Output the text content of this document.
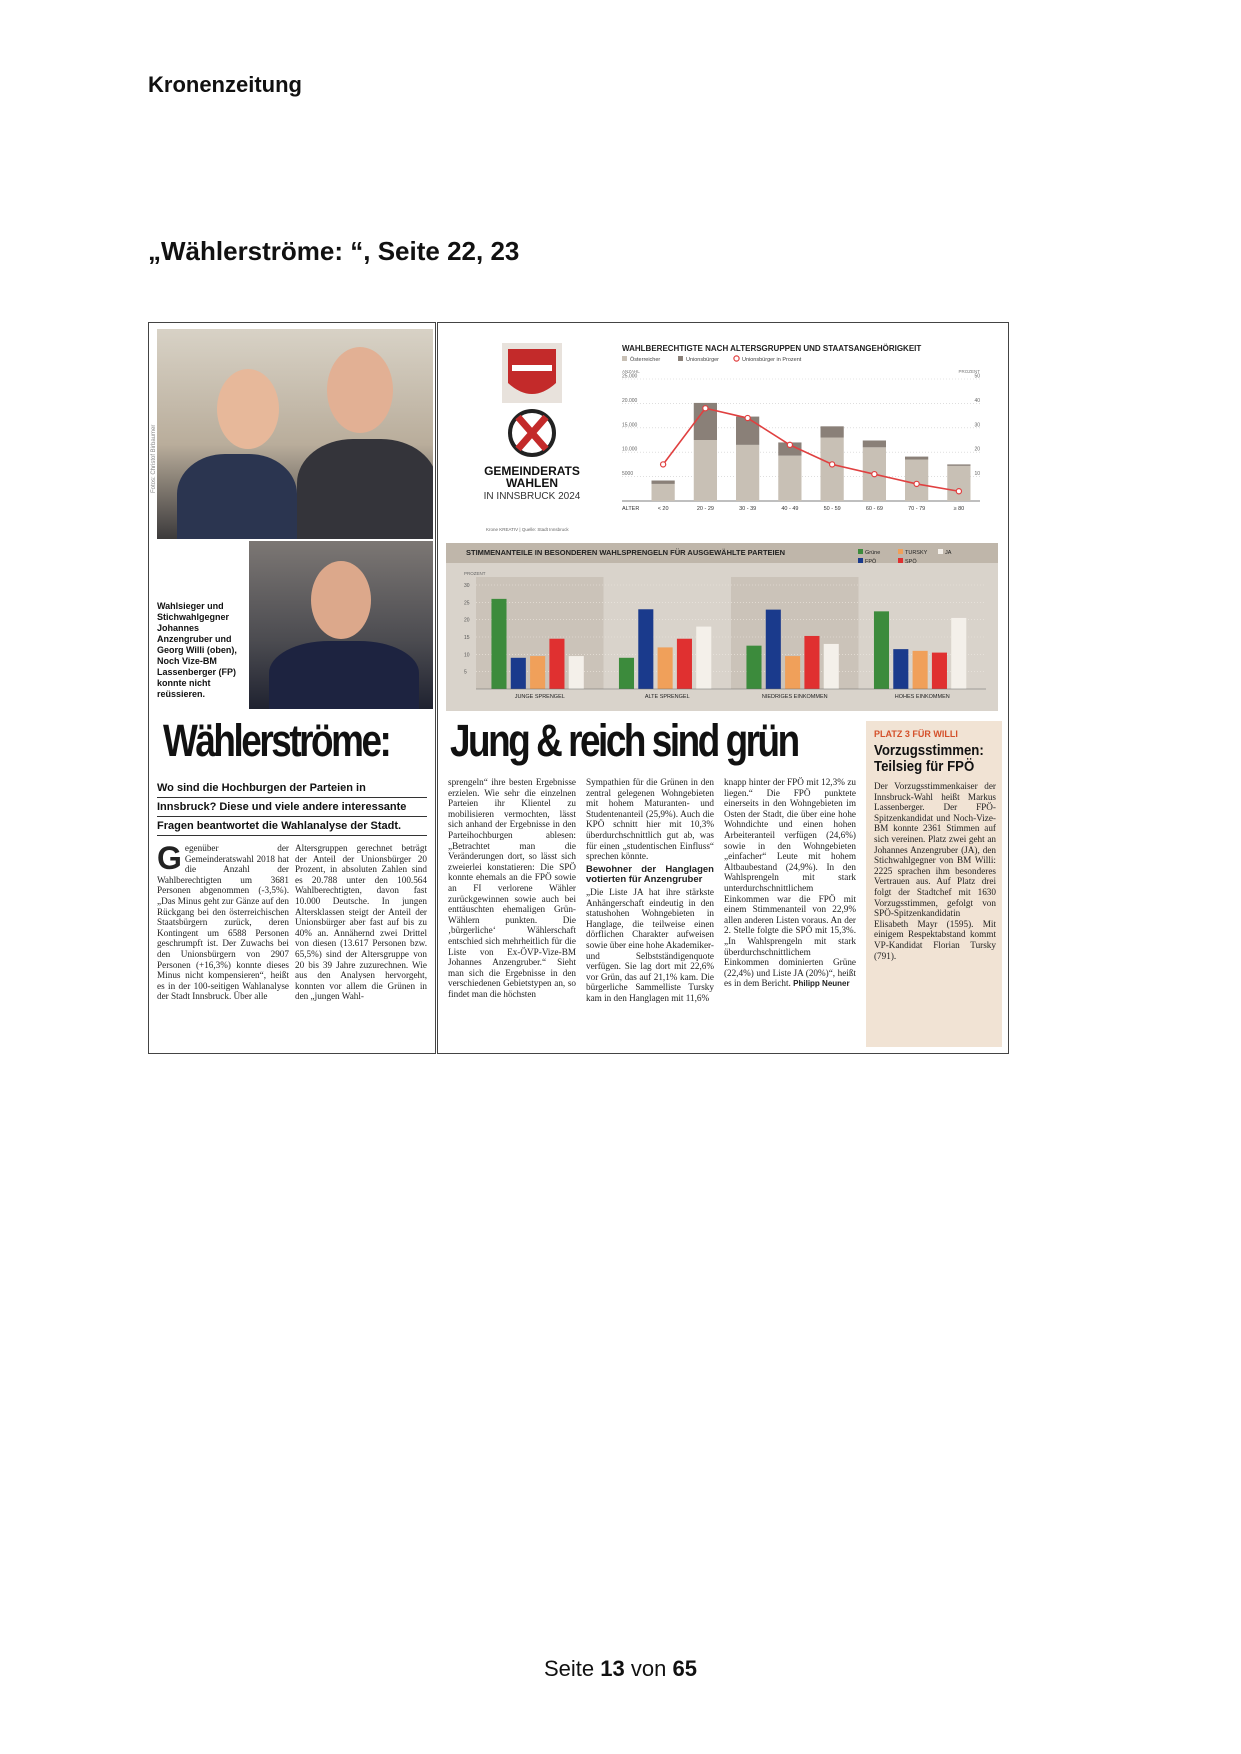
Kronenzeitung
„Wählerströme: “, Seite 22, 23
Fotos: Christof Birbaumer
Wahlsieger und Stichwahlgegner Johannes Anzengruber und Georg Willi (oben), Noch Vize-BM Lassenberger (FP) konnte nicht reüssieren.
Wählerströme:
Wo sind die Hochburgen der Parteien in
Innsbruck? Diese und viele andere interessante
Fragen beantwortet die Wahlanalyse der Stadt.
Gegenüber der Gemeinderatswahl 2018 hat die Anzahl der Wahlberechtigten um 3681 Personen abgenommen (-3,5%). „Das Minus geht zur Gänze auf den Rückgang bei den österreichischen Staatsbürgern zurück, deren Kontingent um 6588 Personen geschrumpft ist. Der Zuwachs bei den Unionsbürgern von 2907 Personen (+16,3%) konnte dieses Minus nicht kompensieren“, heißt es in der 100-seitigen Wahlanalyse der Stadt Innsbruck. Über alle
Altersgruppen gerechnet beträgt der Anteil der Unionsbürger 20 Prozent, in absoluten Zahlen sind es 20.788 unter den 100.564 Wahlberechtigten, davon fast 10.000 Deutsche. In jungen Altersklassen steigt der Anteil der Unionsbürger aber fast auf bis zu 40% an. Annähernd zwei Drittel von diesen (13.617 Personen bzw. 65,5%) sind der Altersgruppe von 20 bis 39 Jahre zuzurechnen. Wie aus den Analysen hervorgeht, konnten vor allem die Grünen in den „jungen Wahl-
GEMEINDERATS
WAHLEN
IN INNSBRUCK 2024
Krone KREATIV | Quelle: Stadt Innsbruck
WAHLBERECHTIGTE NACH ALTERSGRUPPEN UND STAATSANGEHÖRIGKEIT
Österreicher	Unionsbürger	Unionsbürger in Prozent
ANZAHL	PROZENT
25.000	50
20.000	40
15.000	30
10.000	20
5000	10
ALTER	< 20	20 - 29	30 - 39	40 - 49	50 - 59	60 - 69	70 - 79	≥ 80
STIMMENANTEILE IN BESONDEREN WAHLSPRENGELN FÜR AUSGEWÄHLTE PARTEIEN	Grüne	TURSKY	JA
FPÖ	SPÖ
PROZENT
30
25
20
15
10
5
JUNGE SPRENGEL	ALTE SPRENGEL	NIEDRIGES EINKOMMEN	HOHES EINKOMMEN
Jung & reich sind grün
sprengeln“ ihre besten Ergebnisse erzielen. Wie sehr die einzelnen Parteien ihr Klientel zu mobilisieren vermochten, lässt sich anhand der Ergebnisse in den Parteihochburgen ablesen: „Betrachtet man die Veränderungen dort, so lässt sich zweierlei konstatieren: Die SPÖ konnte ehemals an die FPÖ sowie an FI verlorene Wähler zurückgewinnen sowie auch bei enttäuschten ehemaligen Grün-Wählern punkten. Die ‚bürgerliche‘ Wählerschaft entschied sich mehrheitlich für die Liste von Ex-ÖVP-Vize-BM Johannes Anzengruber.“ Sieht man sich die Ergebnisse in den verschiedenen Gebietstypen an, so findet man die höchsten
Sympathien für die Grünen in den zentral gelegenen Wohngebieten mit hohem Maturanten- und Studentenanteil (25,9%). Auch die KPÖ schnitt hier mit 10,3% überdurchschnittlich gut ab, was für einen „studentischen Einfluss“ sprechen könnte.
Bewohner der Hanglagen votierten für Anzengruber
„Die Liste JA hat ihre stärkste Anhängerschaft eindeutig in den statushohen Wohngebieten in Hanglage, die teilweise einen dörflichen Charakter aufweisen sowie über eine hohe Akademiker- und Selbstständigenquote verfügen. Sie lag dort mit 22,6% vor Grün, das auf 21,1% kam. Die bürgerliche Sammelliste Tursky kam in den Hanglagen mit 11,6%
knapp hinter der FPÖ mit 12,3% zu liegen.“ Die FPÖ punktete einerseits in den Wohngebieten im Osten der Stadt, die über eine hohe Wohndichte und einen hohen Arbeiteranteil verfügen (24,6%) sowie in den Wohngebieten „einfacher“ Leute mit hohem Altbaubestand (24,9%). In den Wahlsprengeln mit stark unterdurchschnittlichem Einkommen war die FPÖ mit einem Stimmenanteil von 22,9% allen anderen Listen voraus. An der 2. Stelle folgte die SPÖ mit 15,3%. „In Wahlsprengeln mit stark überdurchschnittlichem Einkommen dominierten Grüne (22,4%) und Liste JA (20%)“, heißt es in dem Bericht. Philipp Neuner
PLATZ 3 FÜR WILLI
Vorzugsstimmen: Teilsieg für FPÖ
Der Vorzugsstimmenkaiser der Innsbruck-Wahl heißt Markus Lassenberger. Der FPÖ-Spitzenkandidat und Noch-Vize-BM konnte 2361 Stimmen auf sich vereinen. Platz zwei geht an Johannes Anzengruber (JA), den Stichwahlgegner von BM Willi: 2225 sprachen ihm besonderes Vertrauen aus. Auf Platz drei folgt der Stadtchef mit 1630 Vorzugsstimmen, gefolgt von SPÖ-Spitzenkandidatin Elisabeth Mayr (1595). Mit einigem Respektabstand kommt VP-Kandidat Florian Tursky (791).
Seite 13 von 65
